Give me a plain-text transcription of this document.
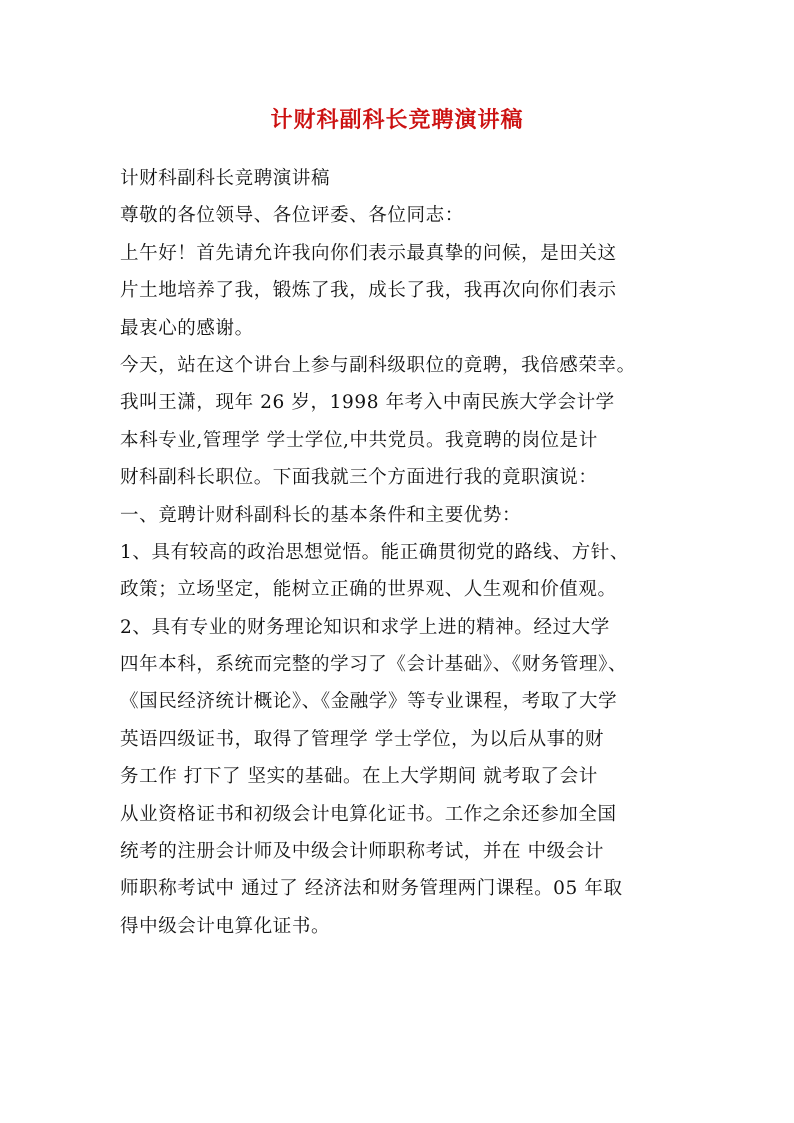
计财科副科长竞聘演讲稿
计财科副科长竞聘演讲稿
尊敬的各位领导、各位评委、各位同志：
上午好！首先请允许我向你们表示最真挚的问候，是田关这
片土地培养了我，锻炼了我，成长了我，我再次向你们表示
最衷心的感谢。
今天，站在这个讲台上参与副科级职位的竟聘，我倍感荣幸。
我叫王潇，现年 26 岁，1998 年考入中南民族大学会计学
本科专业,管理学 学士学位,中共党员。我竟聘的岗位是计
财科副科长职位。下面我就三个方面进行我的竟职演说：
一、竟聘计财科副科长的基本条件和主要优势：
1、具有较高的政治思想觉悟。能正确贯彻党的路线、方针、
政策；立场坚定，能树立正确的世界观、人生观和价值观。
2、具有专业的财务理论知识和求学上进的精神。经过大学
四年本科，系统而完整的学习了《会计基础》、《财务管理》、
《国民经济统计概论》、《金融学》等专业课程，考取了大学
英语四级证书，取得了管理学 学士学位，为以后从事的财
务工作 打下了 坚实的基础。在上大学期间 就考取了会计
从业资格证书和初级会计电算化证书。工作之余还参加全国
统考的注册会计师及中级会计师职称考试，并在 中级会计
师职称考试中 通过了 经济法和财务管理两门课程。05 年取
得中级会计电算化证书。
